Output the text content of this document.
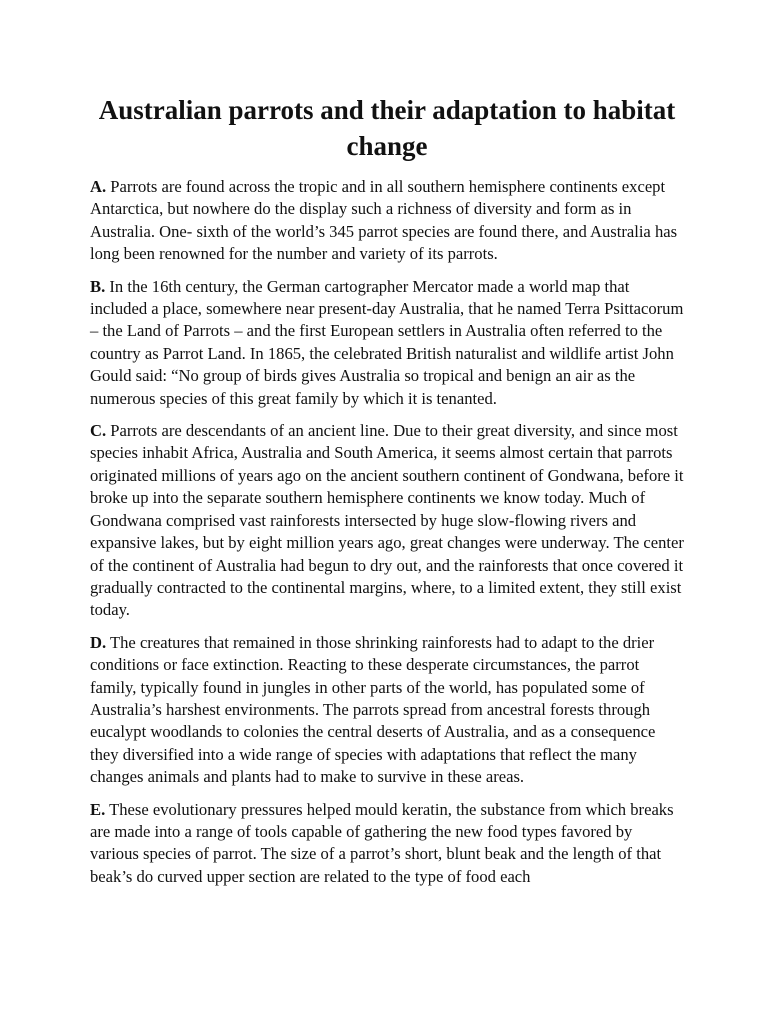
Australian parrots and their adaptation to habitat change

A. Parrots are found across the tropic and in all southern hemisphere continents except Antarctica, but nowhere do the display such a richness of diversity and form as in Australia. One- sixth of the world’s 345 parrot species are found there, and Australia has long been renowned for the number and variety of its parrots.

B. In the 16th century, the German cartographer Mercator made a world map that included a place, somewhere near present-day Australia, that he named Terra Psittacorum – the Land of Parrots – and the first European settlers in Australia often referred to the country as Parrot Land. In 1865, the celebrated British naturalist and wildlife artist John Gould said: “No group of birds gives Australia so tropical and benign an air as the numerous species of this great family by which it is tenanted.

C. Parrots are descendants of an ancient line. Due to their great diversity, and since most species inhabit Africa, Australia and South America, it seems almost certain that parrots originated millions of years ago on the ancient southern continent of Gondwana, before it broke up into the separate southern hemisphere continents we know today. Much of Gondwana comprised vast rainforests intersected by huge slow-flowing rivers and expansive lakes, but by eight million years ago, great changes were underway. The center of the continent of Australia had begun to dry out, and the rainforests that once covered it gradually contracted to the continental margins, where, to a limited extent, they still exist today.

D. The creatures that remained in those shrinking rainforests had to adapt to the drier conditions or face extinction. Reacting to these desperate circumstances, the parrot family, typically found in jungles in other parts of the world, has populated some of Australia’s harshest environments. The parrots spread from ancestral forests through eucalypt woodlands to colonies the central deserts of Australia, and as a consequence they diversified into a wide range of species with adaptations that reflect the many changes animals and plants had to make to survive in these areas.

E. These evolutionary pressures helped mould keratin, the substance from which breaks are made into a range of tools capable of gathering the new food types favored by various species of parrot. The size of a parrot’s short, blunt beak and the length of that beak’s do curved upper section are related to the type of food each
